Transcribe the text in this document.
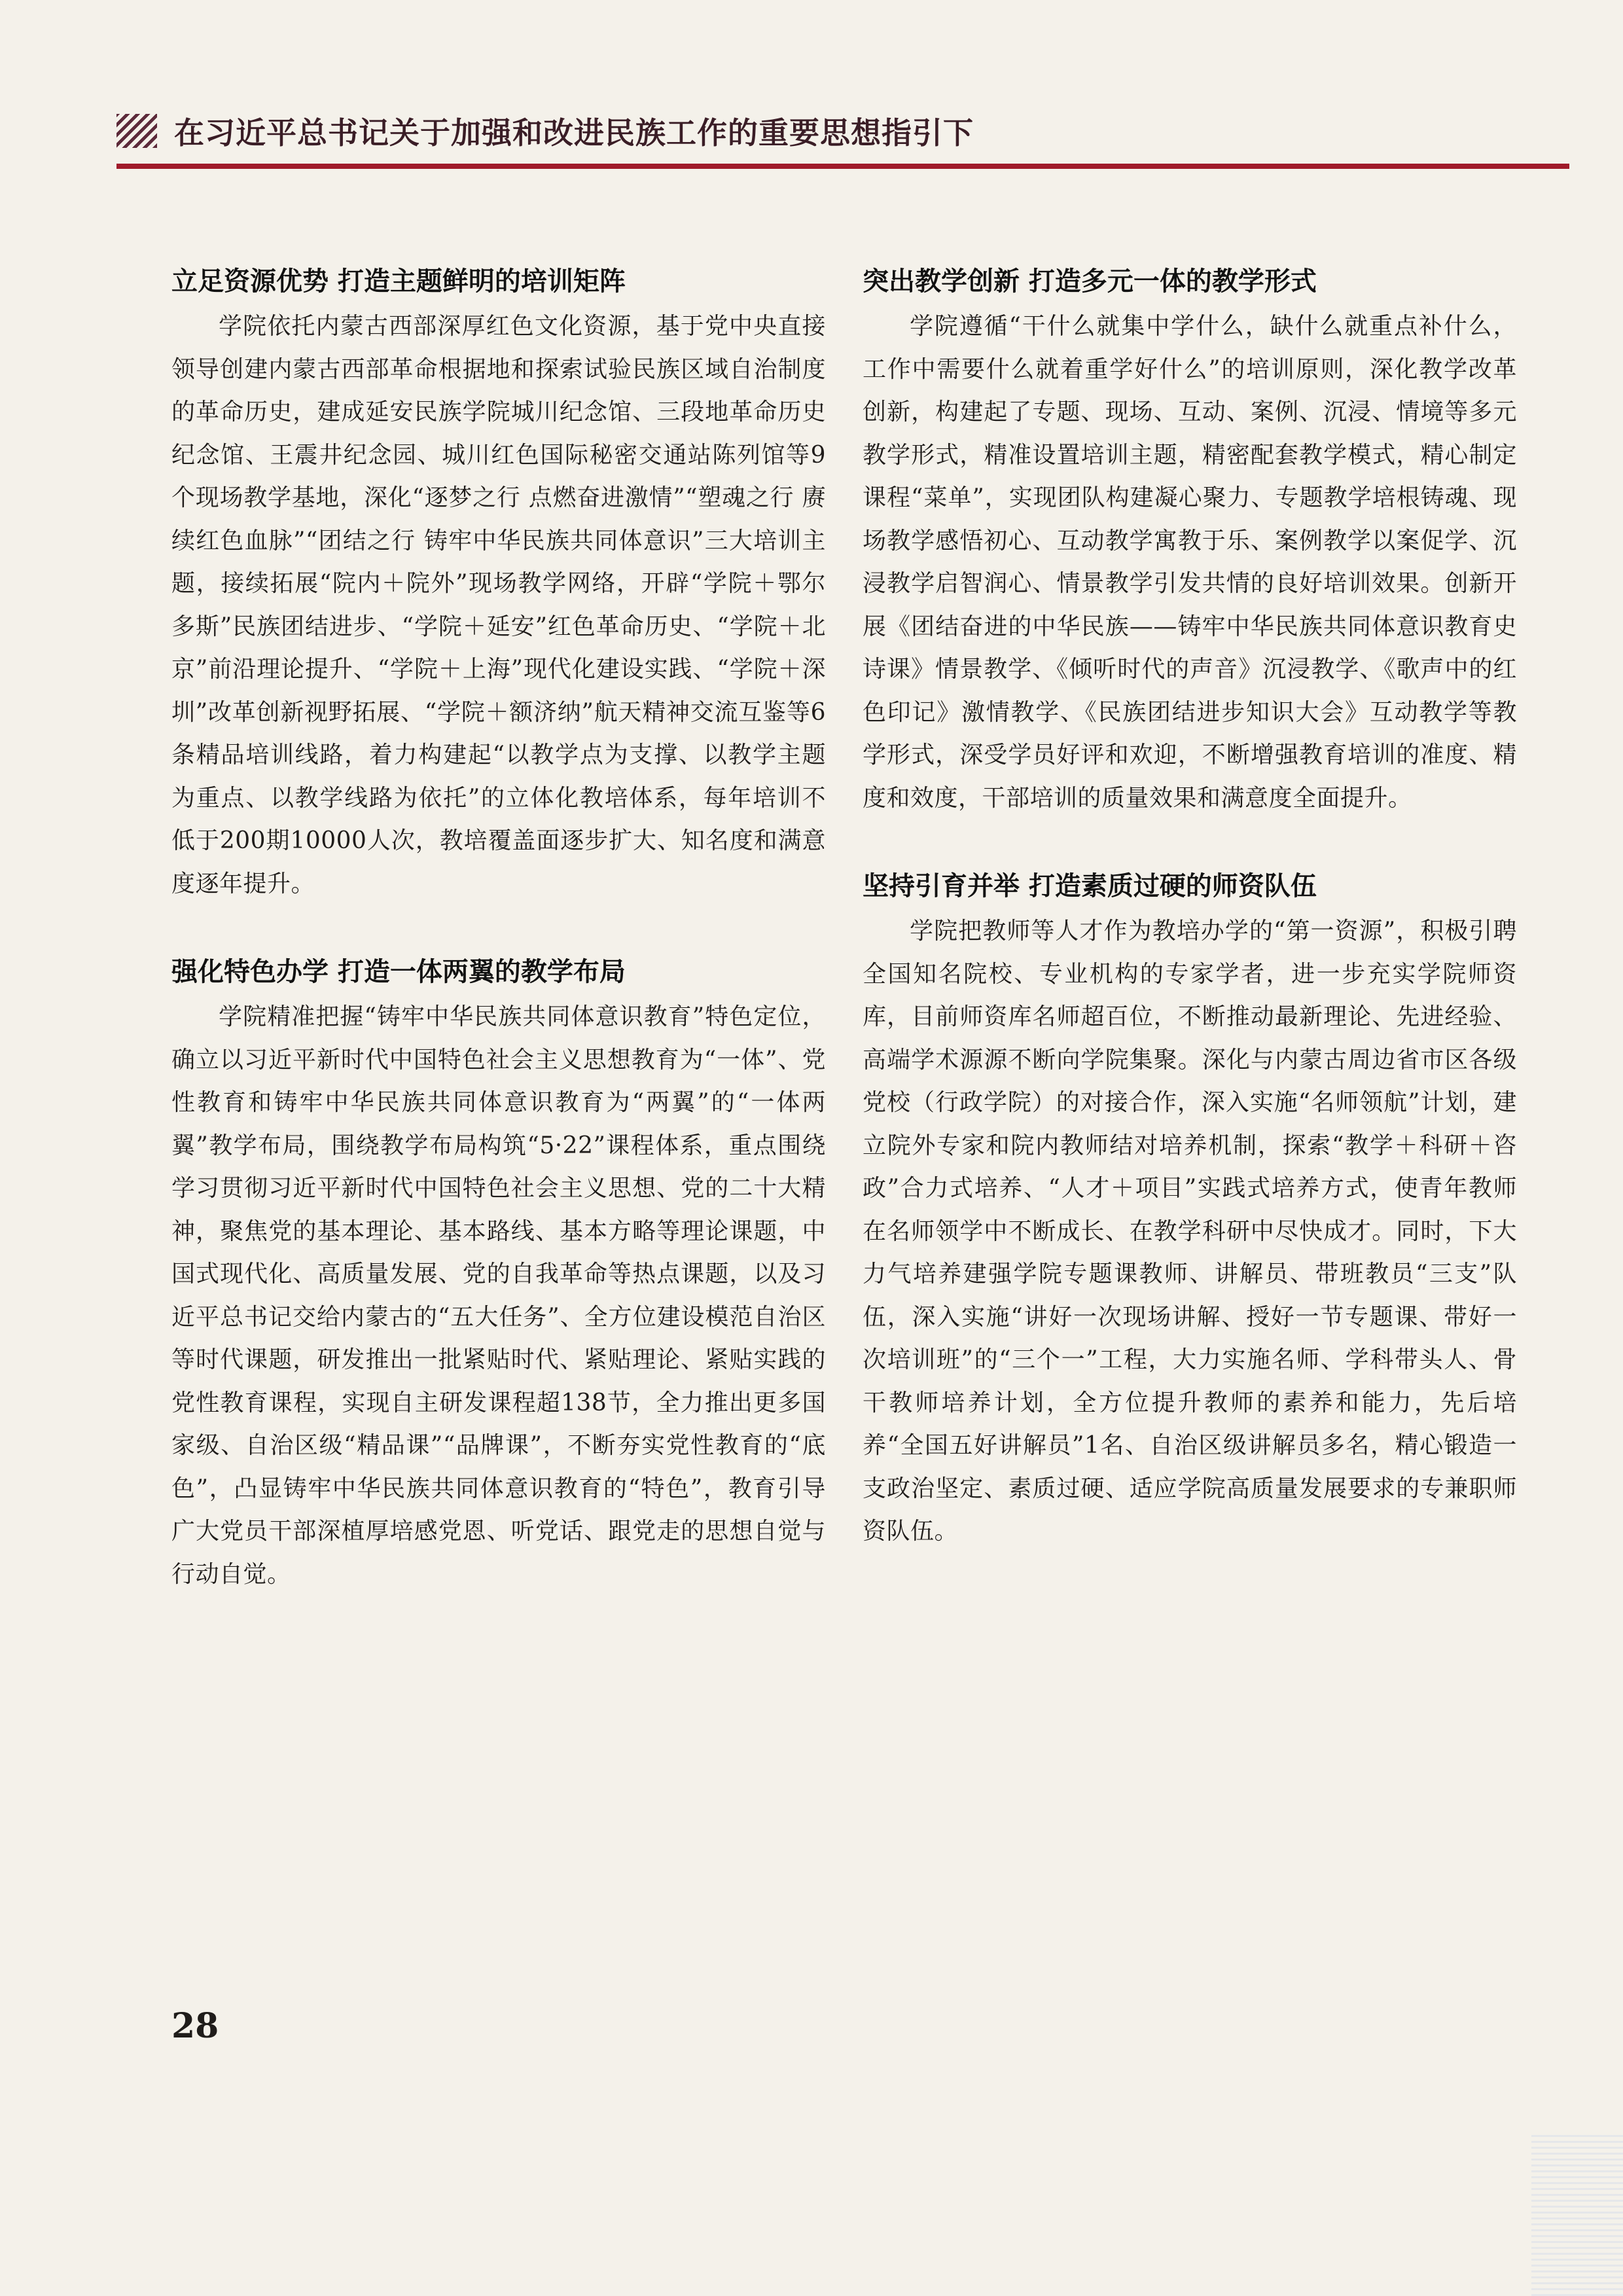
在习近平总书记关于加强和改进民族工作的重要思想指引下
立足资源优势 打造主题鲜明的培训矩阵

学院依托内蒙古西部深厚红色文化资源，基于党中央直接领导创建内蒙古西部革命根据地和探索试验民族区域自治制度的革命历史，建成延安民族学院城川纪念馆、三段地革命历史纪念馆、王震井纪念园、城川红色国际秘密交通站陈列馆等9个现场教学基地，深化“逐梦之行 点燃奋进激情”“塑魂之行 赓续红色血脉”“团结之行 铸牢中华民族共同体意识”三大培训主题，接续拓展“院内＋院外”现场教学网络，开辟“学院＋鄂尔多斯”民族团结进步、“学院＋延安”红色革命历史、“学院＋北京”前沿理论提升、“学院＋上海”现代化建设实践、“学院＋深圳”改革创新视野拓展、“学院＋额济纳”航天精神交流互鉴等6条精品培训线路，着力构建起“以教学点为支撑、以教学主题为重点、以教学线路为依托”的立体化教培体系，每年培训不低于200期10000人次，教培覆盖面逐步扩大、知名度和满意度逐年提升。

强化特色办学 打造一体两翼的教学布局

学院精准把握“铸牢中华民族共同体意识教育”特色定位，确立以习近平新时代中国特色社会主义思想教育为“一体”、党性教育和铸牢中华民族共同体意识教育为“两翼”的“一体两翼”教学布局，围绕教学布局构筑“5·22”课程体系，重点围绕学习贯彻习近平新时代中国特色社会主义思想、党的二十大精神，聚焦党的基本理论、基本路线、基本方略等理论课题，中国式现代化、高质量发展、党的自我革命等热点课题，以及习近平总书记交给内蒙古的“五大任务”、全方位建设模范自治区等时代课题，研发推出一批紧贴时代、紧贴理论、紧贴实践的党性教育课程，实现自主研发课程超138节，全力推出更多国家级、自治区级“精品课”“品牌课”，不断夯实党性教育的“底色”，凸显铸牢中华民族共同体意识教育的“特色”，教育引导广大党员干部深植厚培感党恩、听党话、跟党走的思想自觉与行动自觉。

突出教学创新 打造多元一体的教学形式

学院遵循“干什么就集中学什么，缺什么就重点补什么，工作中需要什么就着重学好什么”的培训原则，深化教学改革创新，构建起了专题、现场、互动、案例、沉浸、情境等多元教学形式，精准设置培训主题，精密配套教学模式，精心制定课程“菜单”，实现团队构建凝心聚力、专题教学培根铸魂、现场教学感悟初心、互动教学寓教于乐、案例教学以案促学、沉浸教学启智润心、情景教学引发共情的良好培训效果。创新开展《团结奋进的中华民族——铸牢中华民族共同体意识教育史诗课》情景教学、《倾听时代的声音》沉浸教学、《歌声中的红色印记》激情教学、《民族团结进步知识大会》互动教学等教学形式，深受学员好评和欢迎，不断增强教育培训的准度、精度和效度，干部培训的质量效果和满意度全面提升。

坚持引育并举 打造素质过硬的师资队伍

学院把教师等人才作为教培办学的“第一资源”，积极引聘全国知名院校、专业机构的专家学者，进一步充实学院师资库，目前师资库名师超百位，不断推动最新理论、先进经验、高端学术源源不断向学院集聚。深化与内蒙古周边省市区各级党校（行政学院）的对接合作，深入实施“名师领航”计划，建立院外专家和院内教师结对培养机制，探索“教学＋科研＋咨政”合力式培养、“人才＋项目”实践式培养方式，使青年教师在名师领学中不断成长、在教学科研中尽快成才。同时，下大力气培养建强学院专题课教师、讲解员、带班教员“三支”队伍，深入实施“讲好一次现场讲解、授好一节专题课、带好一次培训班”的“三个一”工程，大力实施名师、学科带头人、骨干教师培养计划，全方位提升教师的素养和能力，先后培养“全国五好讲解员”1名、自治区级讲解员多名，精心锻造一支政治坚定、素质过硬、适应学院高质量发展要求的专兼职师资队伍。

28
